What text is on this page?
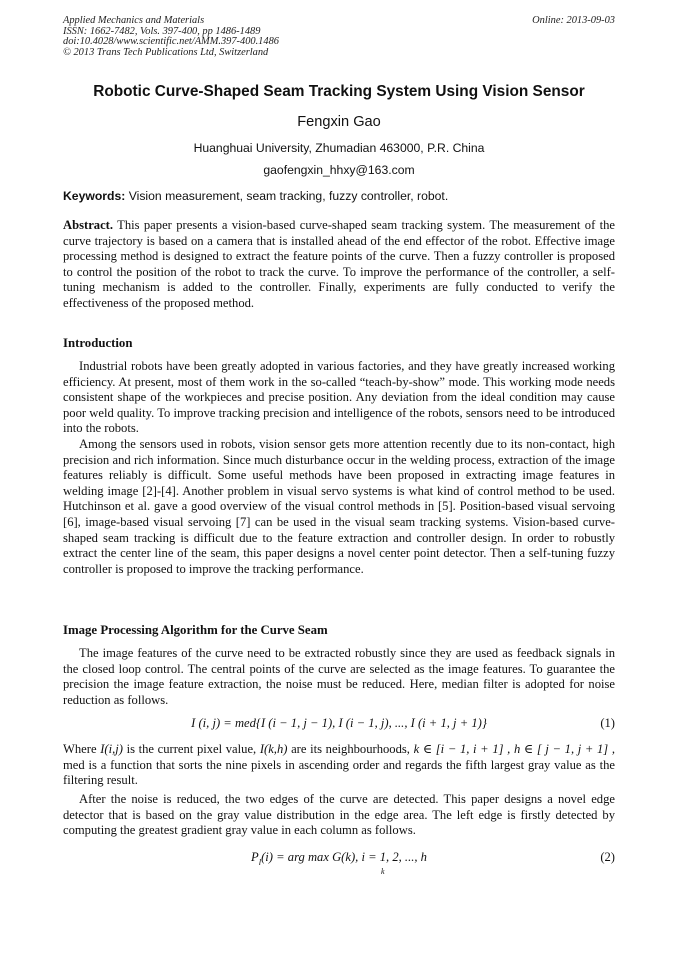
Applied Mechanics and Materials
ISSN: 1662-7482, Vols. 397-400, pp 1486-1489
doi:10.4028/www.scientific.net/AMM.397-400.1486
© 2013 Trans Tech Publications Ltd, Switzerland
Online: 2013-09-03
Robotic Curve-Shaped Seam Tracking System Using Vision Sensor
Fengxin Gao
Huanghuai University, Zhumadian 463000, P.R. China
gaofengxin_hhxy@163.com
Keywords: Vision measurement, seam tracking, fuzzy controller, robot.

Abstract. This paper presents a vision-based curve-shaped seam tracking system. The measurement of the curve trajectory is based on a camera that is installed ahead of the end effector of the robot. Effective image processing method is designed to extract the feature points of the curve. Then a fuzzy controller is proposed to control the position of the robot to track the curve. To improve the performance of the controller, a self-tuning mechanism is added to the controller. Finally, experiments are fully conducted to verify the effectiveness of the proposed method.

Introduction

Industrial robots have been greatly adopted in various factories, and they have greatly increased working efficiency. At present, most of them work in the so-called “teach-by-show” mode. This working mode needs consistent shape of the workpieces and precise position. Any deviation from the ideal condition may cause poor weld quality. To improve tracking precision and intelligence of the robots, sensors need to be introduced into the robots.

Among the sensors used in robots, vision sensor gets more attention recently due to its non-contact, high precision and rich information. Since much disturbance occur in the welding process, extraction of the image features reliably is difficult. Some useful methods have been proposed in extracting image features in welding image [2]-[4]. Another problem in visual servo systems is what kind of control method to be used. Hutchinson et al. gave a good overview of the visual control methods in [5]. Position-based visual servoing [6], image-based visual servoing [7] can be used in the visual seam tracking systems. Vision-based curve-shaped seam tracking is difficult due to the feature extraction and controller design. In order to robustly extract the center line of the seam, this paper designs a novel center point detector. Then a self-tuning fuzzy controller is proposed to improve the tracking performance.

Image Processing Algorithm for the Curve Seam

The image features of the curve need to be extracted robustly since they are used as feedback signals in the closed loop control. The central points of the curve are selected as the image features. To guarantee the precision the image feature extraction, the noise must be reduced. Here, median filter is adopted for noise reduction as follows.

I (i, j) = med{I (i − 1, j − 1), I (i − 1, j), ..., I (i + 1, j + 1)}	(1)

Where I(i,j) is the current pixel value, I(k,h) are its neighbourhoods, k ∈ [i − 1, i + 1] , h ∈ [ j − 1, j + 1] , med is a function that sorts the nine pixels in ascending order and regards the fifth largest gray value as the filtering result.

After the noise is reduced, the two edges of the curve are detected. This paper designs a novel edge detector that is based on the gray value distribution in the edge area. The left edge is firstly detected by computing the greatest gradient gray value in each column as follows.

$P_l(i)$ = arg max G(k), i = 1, 2, ..., h
k
(2)
